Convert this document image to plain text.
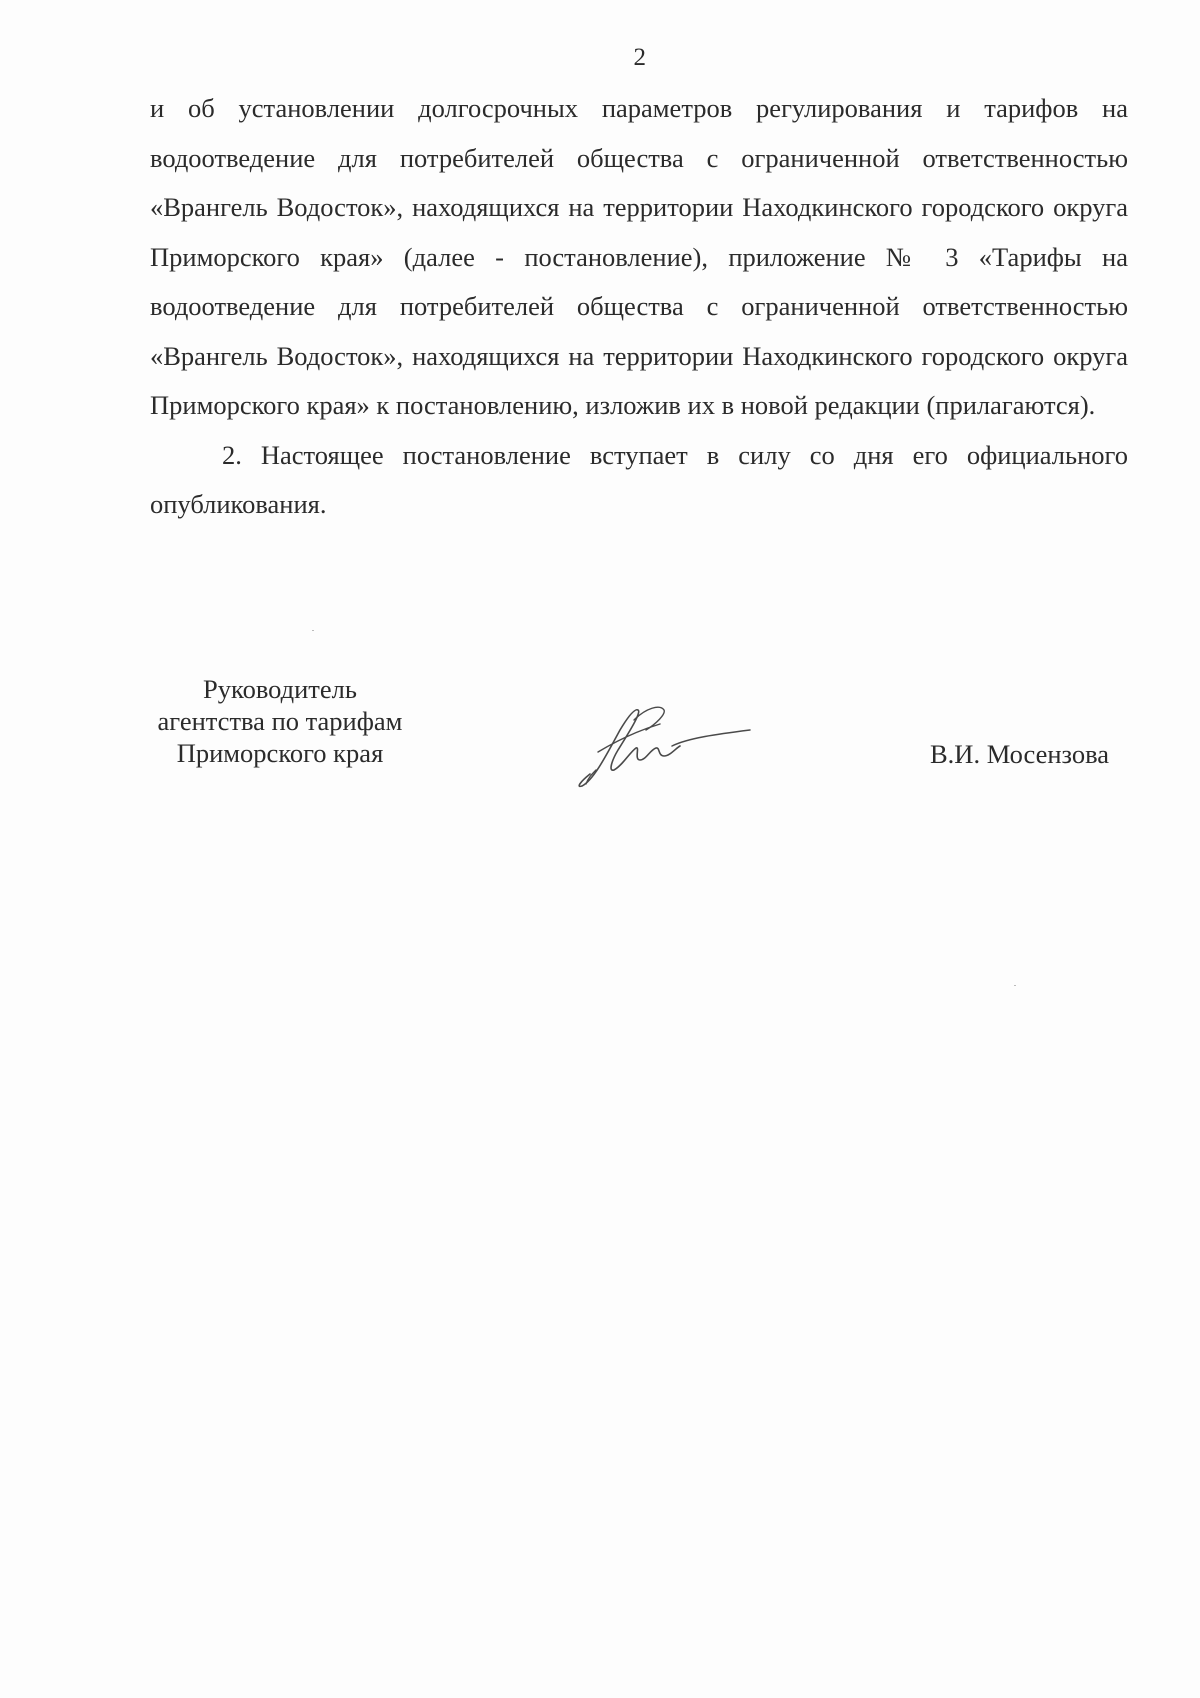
2

и об установлении долгосрочных параметров регулирования и тарифов на водоотведение для потребителей общества с ограниченной ответственностью «Врангель Водосток», находящихся на территории Находкинского городского округа Приморского края» (далее - постановление), приложение № 3 «Тарифы на водоотведение для потребителей общества с ограниченной ответственностью «Врангель Водосток», находящихся на территории Находкинского городского округа Приморского края» к постановлению, изложив их в новой редакции (прилагаются).

2. Настоящее постановление вступает в силу со дня его официального опубликования.

Руководитель
агентства по тарифам
Приморского края	В.И. Мосензова
